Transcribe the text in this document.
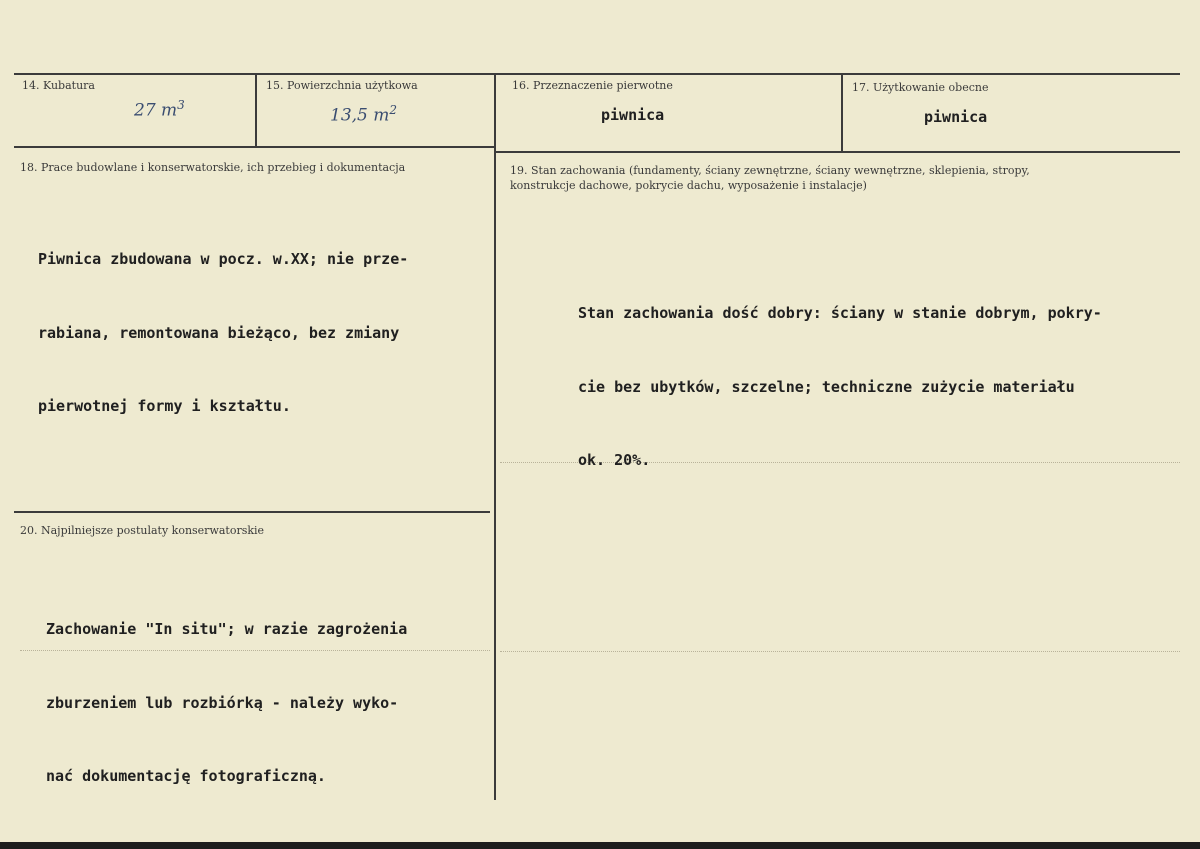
14. Kubatura
27 $m^3$
15. Powierzchnia użytkowa
13,5 $m^2$
16. Przeznaczenie pierwotne
piwnica
17. Użytkowanie obecne
piwnica
18. Prace budowlane i konserwatorskie, ich przebieg i dokumentacja

Piwnica zbudowana w pocz. w.XX; nie prze-

rabiana, remontowana bieżąco, bez zmiany

pierwotnej formy i kształtu.

19. Stan zachowania (fundamenty, ściany zewnętrzne, ściany wewnętrzne, sklepienia, stropy, konstrukcje dachowe, pokrycie dachu, wyposażenie i instalacje)

Stan zachowania dość dobry: ściany w stanie dobrym, pokry-

cie bez ubytków, szczelne; techniczne zużycie materiału

ok. 20%.

20. Najpilniejsze postulaty konserwatorskie

Zachowanie "In situ"; w razie zagrożenia

zburzeniem lub rozbiórką - należy wyko-

nać dokumentację fotograficzną.
